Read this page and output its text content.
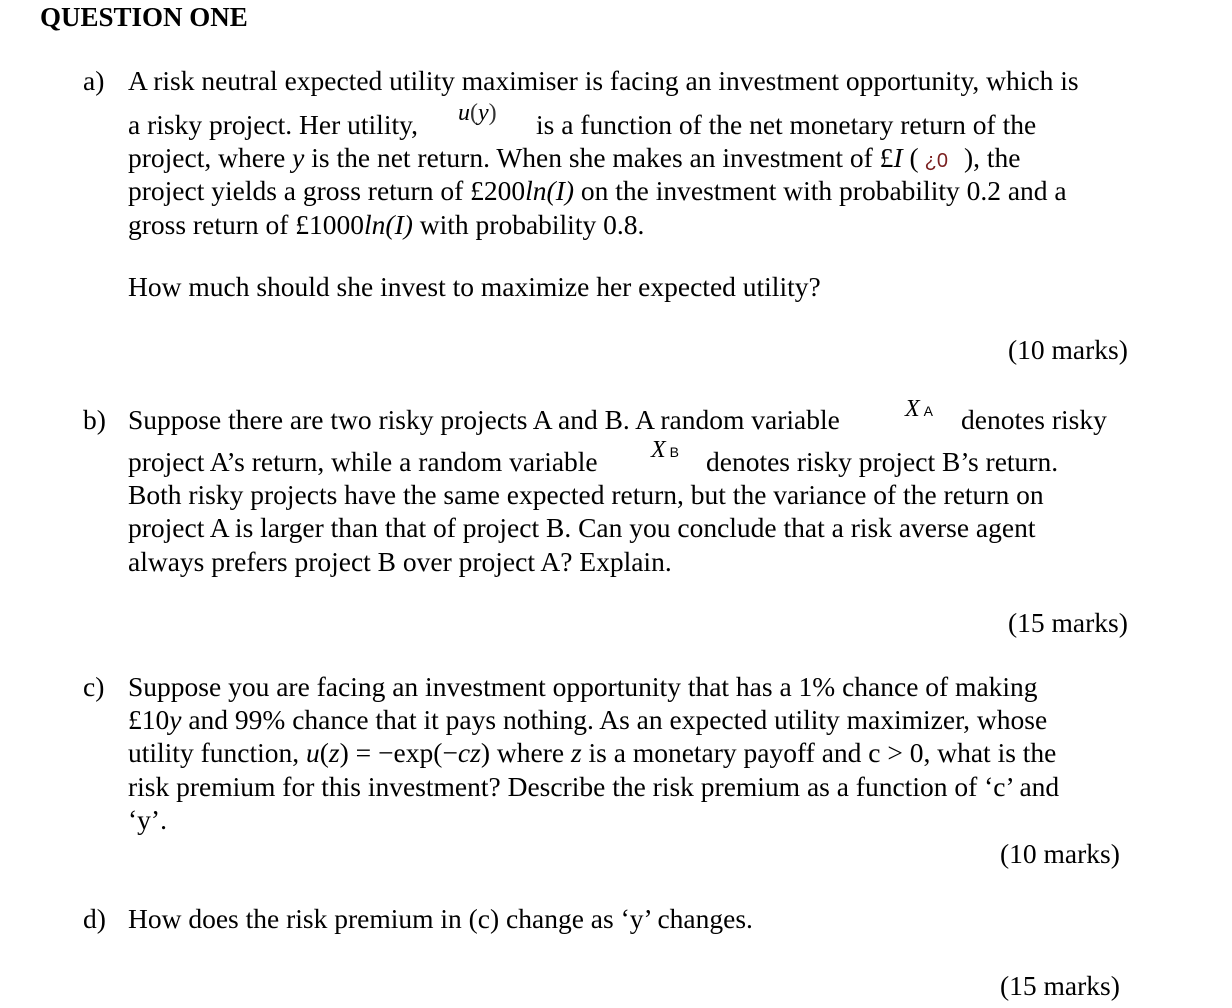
QUESTION ONE
a) A risk neutral expected utility maximiser is facing an investment opportunity, which is
a risky project. Her utility, u(y) is a function of the net monetary return of the
project, where y is the net return. When she makes an investment of £I ( ¿0 ), the
project yields a gross return of £200ln(I) on the investment with probability 0.2 and a
gross return of £1000ln(I) with probability 0.8.
How much should she invest to maximize her expected utility?
(10 marks)
b) Suppose there are two risky projects A and B. A random variable	X A denotes risky
project A’s return, while a random variable X B denotes risky project B’s return.
Both risky projects have the same expected return, but the variance of the return on
project A is larger than that of project B. Can you conclude that a risk averse agent
always prefers project B over project A? Explain.
(15 marks)
c) Suppose you are facing an investment opportunity that has a 1% chance of making
£10y and 99% chance that it pays nothing. As an expected utility maximizer, whose
utility function, u(z) = −exp(−cz) where z is a monetary payoff and c > 0, what is the
risk premium for this investment? Describe the risk premium as a function of ‘c’ and
‘y’.
(10 marks)
d) How does the risk premium in (c) change as ‘y’ changes.
(15 marks)
